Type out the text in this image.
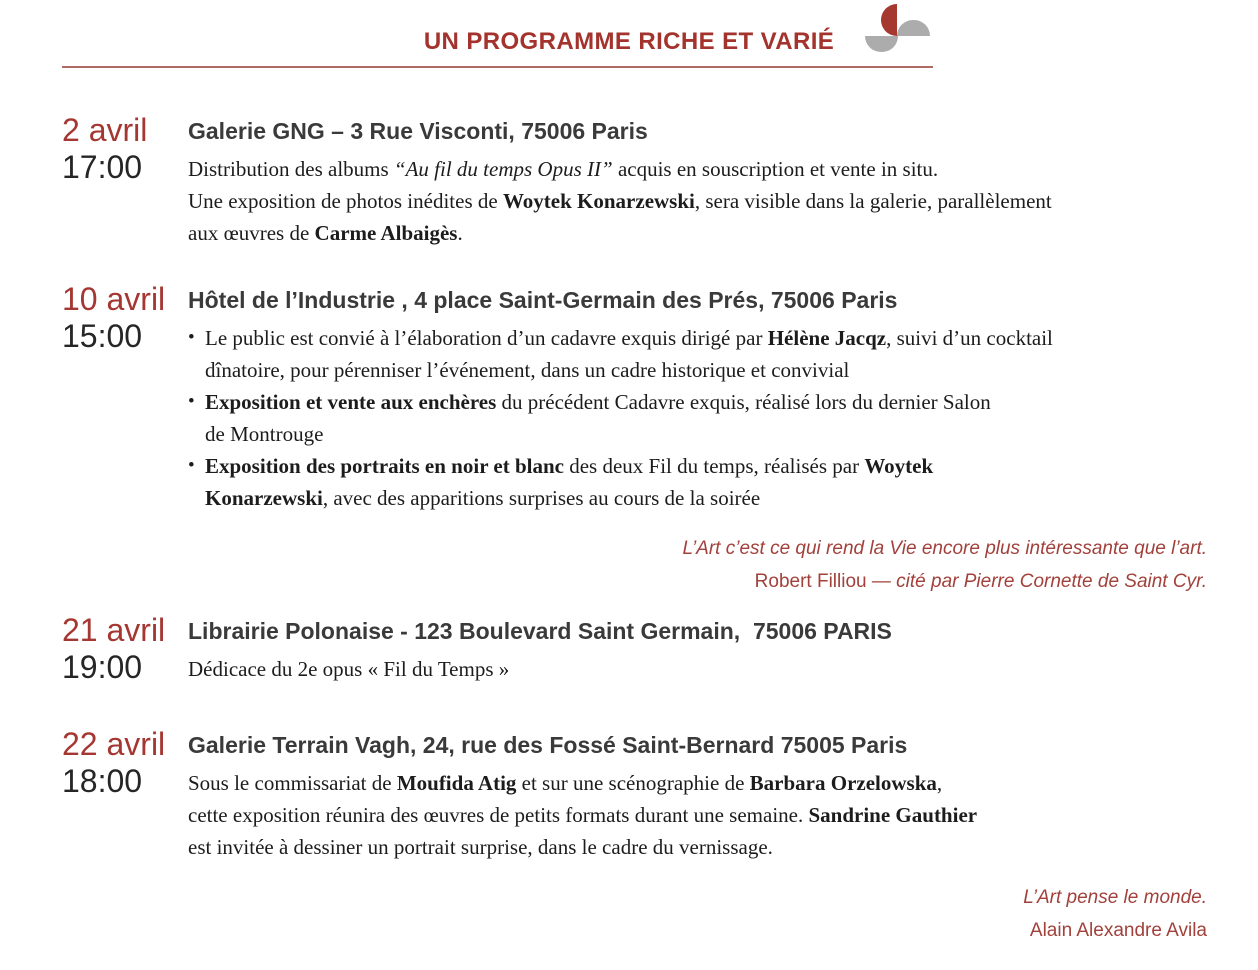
UN PROGRAMME RICHE ET VARIÉ
2 avril
17:00
Galerie GNG – 3 Rue Visconti, 75006 Paris
Distribution des albums “Au fil du temps Opus II” acquis en souscription et vente in situ.
Une exposition de photos inédites de Woytek Konarzewski, sera visible dans la galerie, parallèlement
aux œuvres de Carme Albaigès.
10 avril
15:00
Hôtel de l’Industrie , 4 place Saint-Germain des Prés, 75006 Paris
• Le public est convié à l’élaboration d’un cadavre exquis dirigé par Hélène Jacqz, suivi d’un cocktail
dînatoire, pour pérenniser l’événement, dans un cadre historique et convivial
• Exposition et vente aux enchères du précédent Cadavre exquis, réalisé lors du dernier Salon
de Montrouge
• Exposition des portraits en noir et blanc des deux Fil du temps, réalisés par Woytek
Konarzewski, avec des apparitions surprises au cours de la soirée
L’Art c’est ce qui rend la Vie encore plus intéressante que l’art.
Robert Filliou — cité par Pierre Cornette de Saint Cyr.
21 avril
19:00
Librairie Polonaise - 123 Boulevard Saint Germain,  75006 PARIS
Dédicace du 2e opus « Fil du Temps »
22 avril
18:00
Galerie Terrain Vagh, 24, rue des Fossé Saint-Bernard 75005 Paris
Sous le commissariat de Moufida Atig et sur une scénographie de Barbara Orzelowska,
cette exposition réunira des œuvres de petits formats durant une semaine. Sandrine Gauthier
est invitée à dessiner un portrait surprise, dans le cadre du vernissage.
L’Art pense le monde.
Alain Alexandre Avila
